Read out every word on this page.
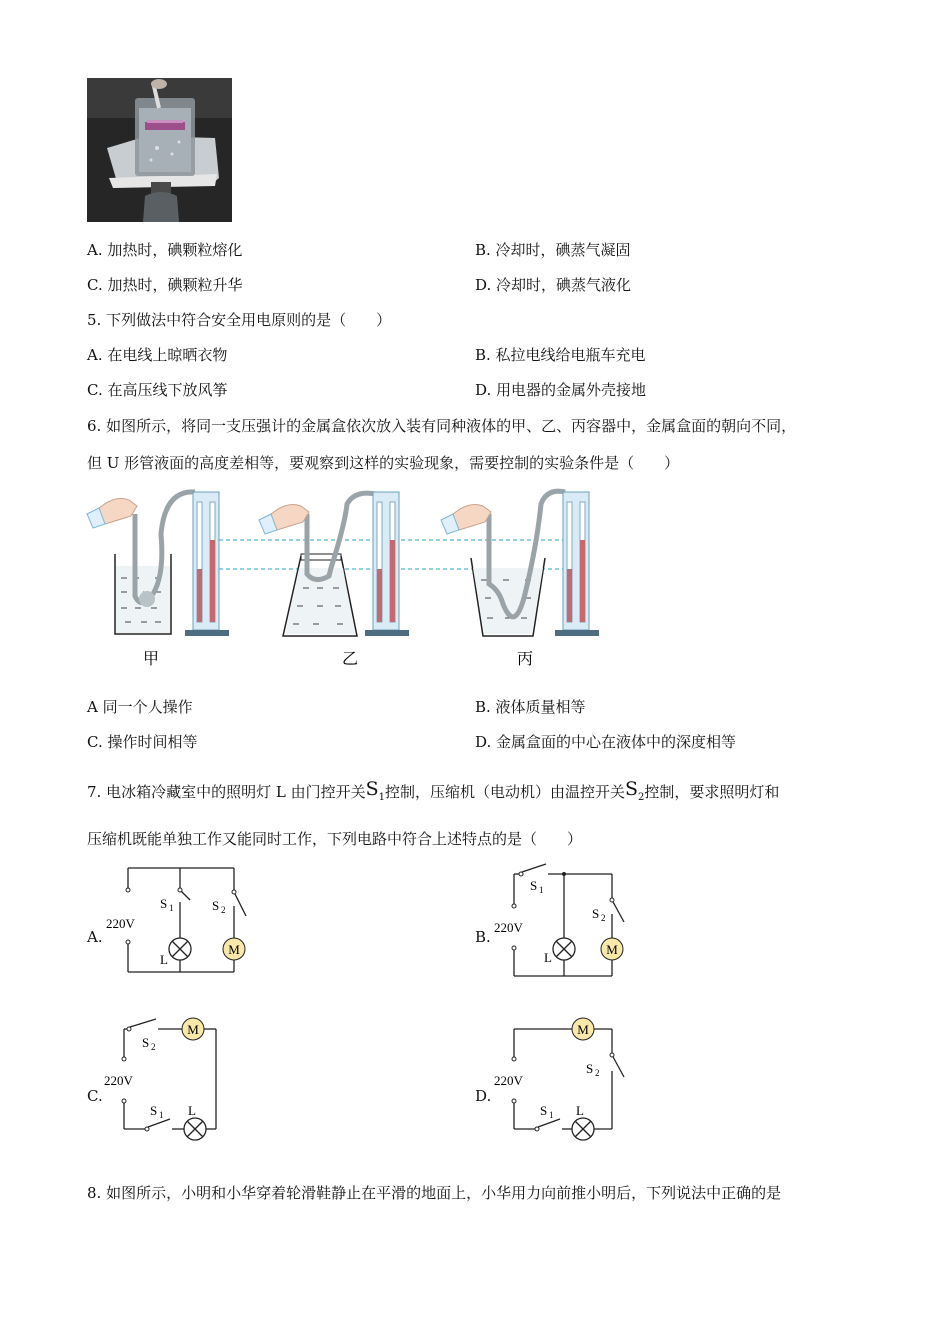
A. 加热时，碘颗粒熔化	B. 冷却时，碘蒸气凝固
C. 加热时，碘颗粒升华	D. 冷却时，碘蒸气液化
5. 下列做法中符合安全用电原则的是（　　）
A. 在电线上晾晒衣物	B. 私拉电线给电瓶车充电
C. 在高压线下放风筝	D. 用电器的金属外壳接地
6. 如图所示，将同一支压强计的金属盒依次放入装有同种液体的甲、乙、丙容器中，金属盒面的朝向不同，
但 U 形管液面的高度差相等，要观察到这样的实验现象，需要控制的实验条件是（　　）
甲	乙	丙
A 同一个人操作	B. 液体质量相等
C. 操作时间相等	D. 金属盒面的中心在液体中的深度相等
7. 电冰箱冷藏室中的照明灯 L 由门控开关$S_1$控制，压缩机（电动机）由温控开关$S_2$控制，要求照明灯和
压缩机既能单独工作又能同时工作，下列电路中符合上述特点的是（　　）
A.
M
220V
L
S 1	S 2
B.
M
220V
L
S 1
S 2
C.
M
220V
L
S 2
S 1
D.
M
220V
L
S 2
S 1
8. 如图所示，小明和小华穿着轮滑鞋静止在平滑的地面上，小华用力向前推小明后，下列说法中正确的是
